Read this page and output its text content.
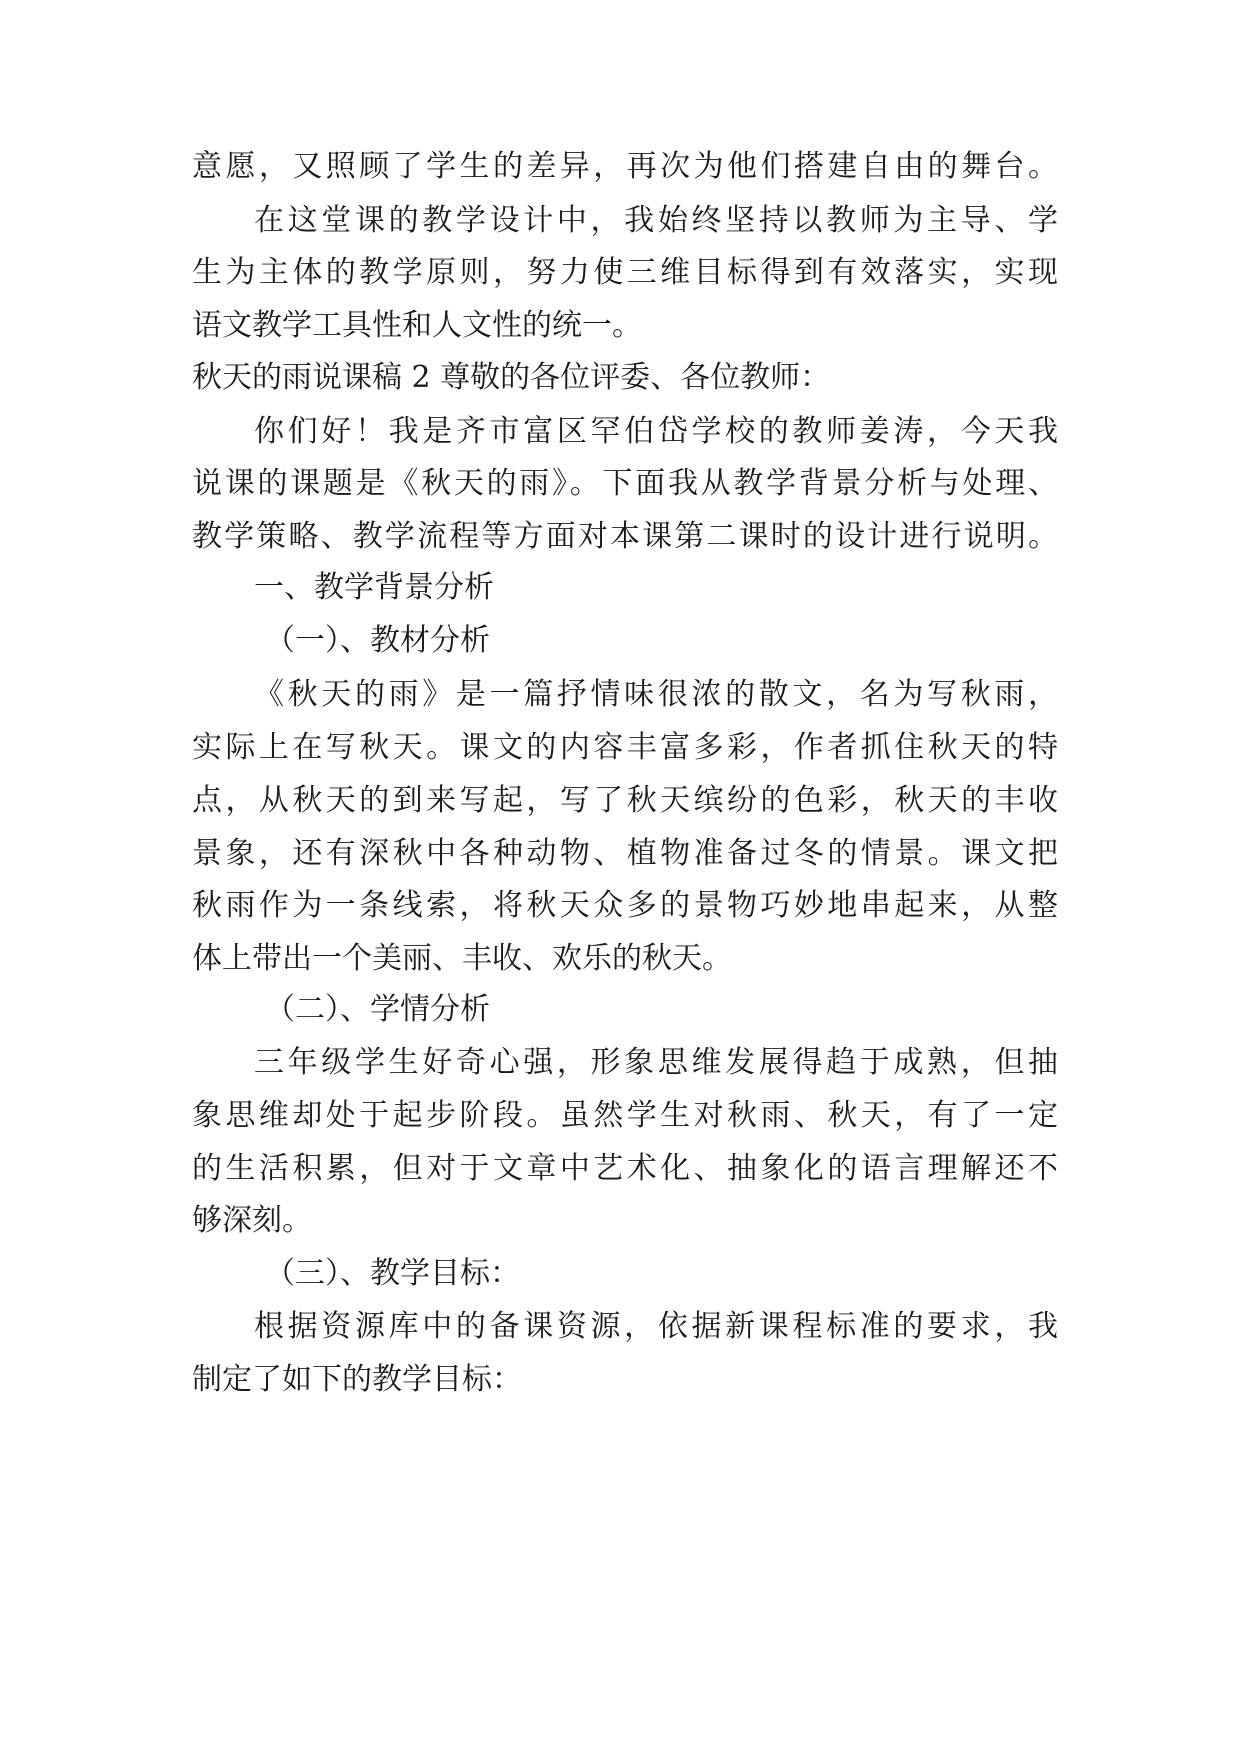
意愿，又照顾了学生的差异，再次为他们搭建自由的舞台。

在这堂课的教学设计中，我始终坚持以教师为主导、学

生为主体的教学原则，努力使三维目标得到有效落实，实现

语文教学工具性和人文性的统一。

秋天的雨说课稿 2 尊敬的各位评委、各位教师：

你们好！我是齐市富区罕伯岱学校的教师姜涛，今天我

说课的课题是《秋天的雨》。下面我从教学背景分析与处理、

教学策略、教学流程等方面对本课第二课时的设计进行说明。

一、教学背景分析

（一）、教材分析

《秋天的雨》是一篇抒情味很浓的散文，名为写秋雨，

实际上在写秋天。课文的内容丰富多彩，作者抓住秋天的特

点，从秋天的到来写起，写了秋天缤纷的色彩，秋天的丰收

景象，还有深秋中各种动物、植物准备过冬的情景。课文把

秋雨作为一条线索，将秋天众多的景物巧妙地串起来，从整

体上带出一个美丽、丰收、欢乐的秋天。

（二）、学情分析

三年级学生好奇心强，形象思维发展得趋于成熟，但抽

象思维却处于起步阶段。虽然学生对秋雨、秋天，有了一定

的生活积累，但对于文章中艺术化、抽象化的语言理解还不

够深刻。

（三）、教学目标：

根据资源库中的备课资源，依据新课程标准的要求，我

制定了如下的教学目标：
